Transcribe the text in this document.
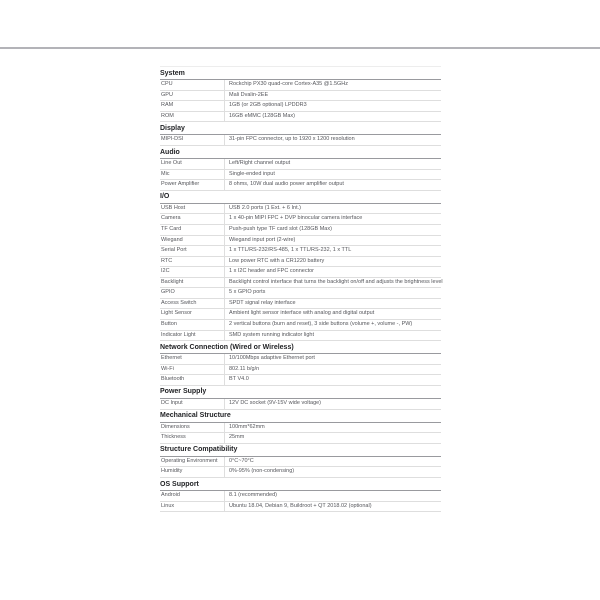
System
CPU	Rockchip PX30 quad-core Cortex-A35 @1.5GHz
GPU	Mali Dvalin-2EE
RAM	1GB (or 2GB optional) LPDDR3
ROM	16GB eMMC (128GB Max)
Display
MIPI-DSI	31-pin FPC connector, up to 1920 x 1200 resolution
Audio
Line Out	Left/Right channel output
Mic	Single-ended input
Power Amplifier	8 ohms, 10W dual audio power amplifier output
I/O
USB Host	USB 2.0 ports (1 Ext. + 6 Int.)
Camera	1 x 40-pin MIPI FPC + DVP binocular camera interface
TF Card	Push-push type TF card slot (128GB Max)
Wiegand	Wiegand input port (2-wire)
Serial Port	1 x TTL/RS-232/RS-485, 1 x TTL/RS-232, 1 x TTL
RTC	Low power RTC with a CR1220 battery
I2C	1 x I2C header and FPC connector
Backlight	Backlight control interface that turns the backlight on/off and adjusts the brightness level
GPIO	5 x GPIO ports
Access Switch	SPDT signal relay interface
Light Sensor	Ambient light sensor interface with analog and digital output
Button	2 vertical buttons (burn and reset), 3 side buttons (volume +, volume -, PW)
Indicator Light	SMD system running indicator light
Network Connection (Wired or Wireless)
Ethernet	10/100Mbps adaptive Ethernet port
Wi-Fi	802.11 b/g/n
Bluetooth	BT V4.0
Power Supply
DC Input	12V DC socket (9V-15V wide voltage)
Mechanical Structure
Dimensions	100mm*62mm
Thickness	25mm
Structure Compatibility
Operating Environment	0°C~70°C
Humidity	0%-95% (non-condensing)
OS Support
Android	8.1 (recommended)
Linux	Ubuntu 18.04, Debian 9, Buildroot + QT 2018.02 (optional)
